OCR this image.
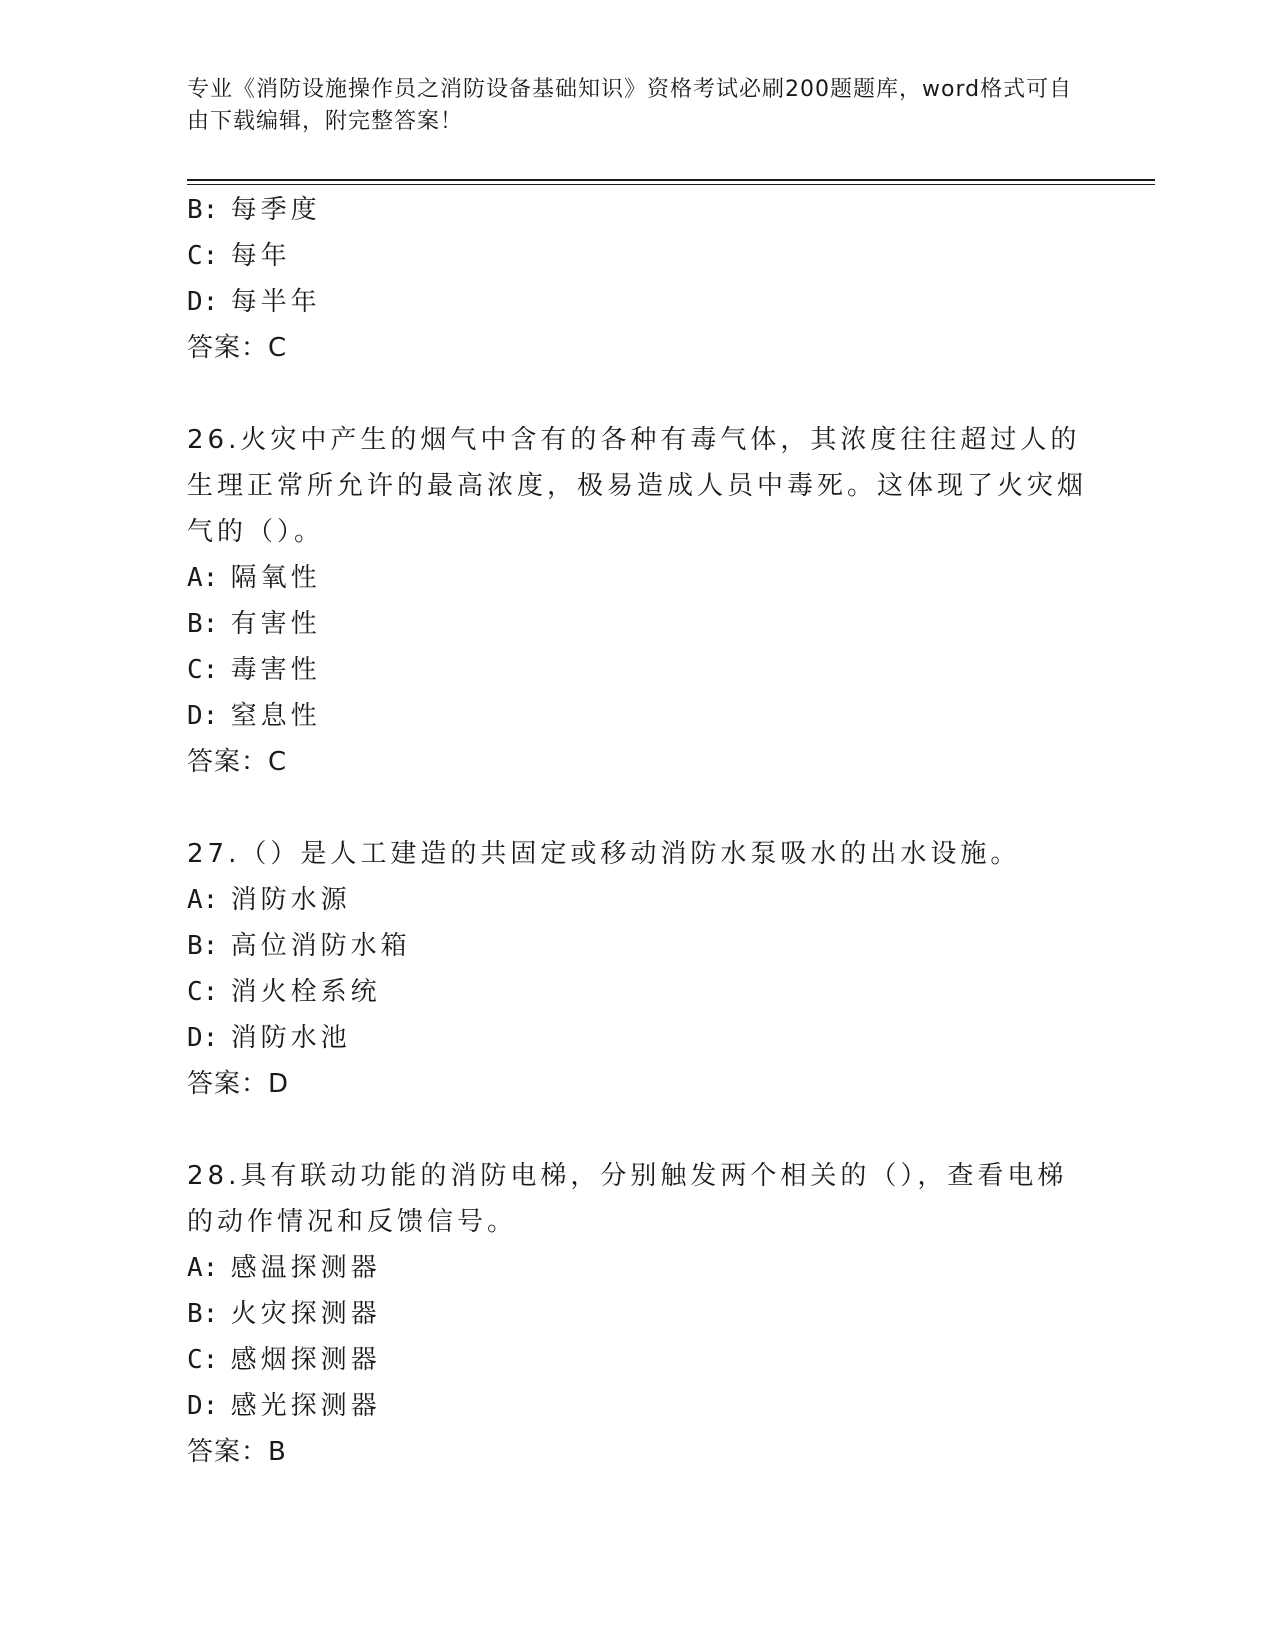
专业《消防设施操作员之消防设备基础知识》资格考试必刷200题题库，word格式可自由下载编辑，附完整答案！
B: 每季度
C: 每年
D: 每半年
答案：C
26.火灾中产生的烟气中含有的各种有毒气体，其浓度往往超过人的生理正常所允许的最高浓度，极易造成人员中毒死。这体现了火灾烟气的（）。
A: 隔氧性
B: 有害性
C: 毒害性
D: 窒息性
答案：C
27.（）是人工建造的共固定或移动消防水泵吸水的出水设施。
A: 消防水源
B: 高位消防水箱
C: 消火栓系统
D: 消防水池
答案：D
28.具有联动功能的消防电梯，分别触发两个相关的（），查看电梯的动作情况和反馈信号。
A: 感温探测器
B: 火灾探测器
C: 感烟探测器
D: 感光探测器
答案：B
